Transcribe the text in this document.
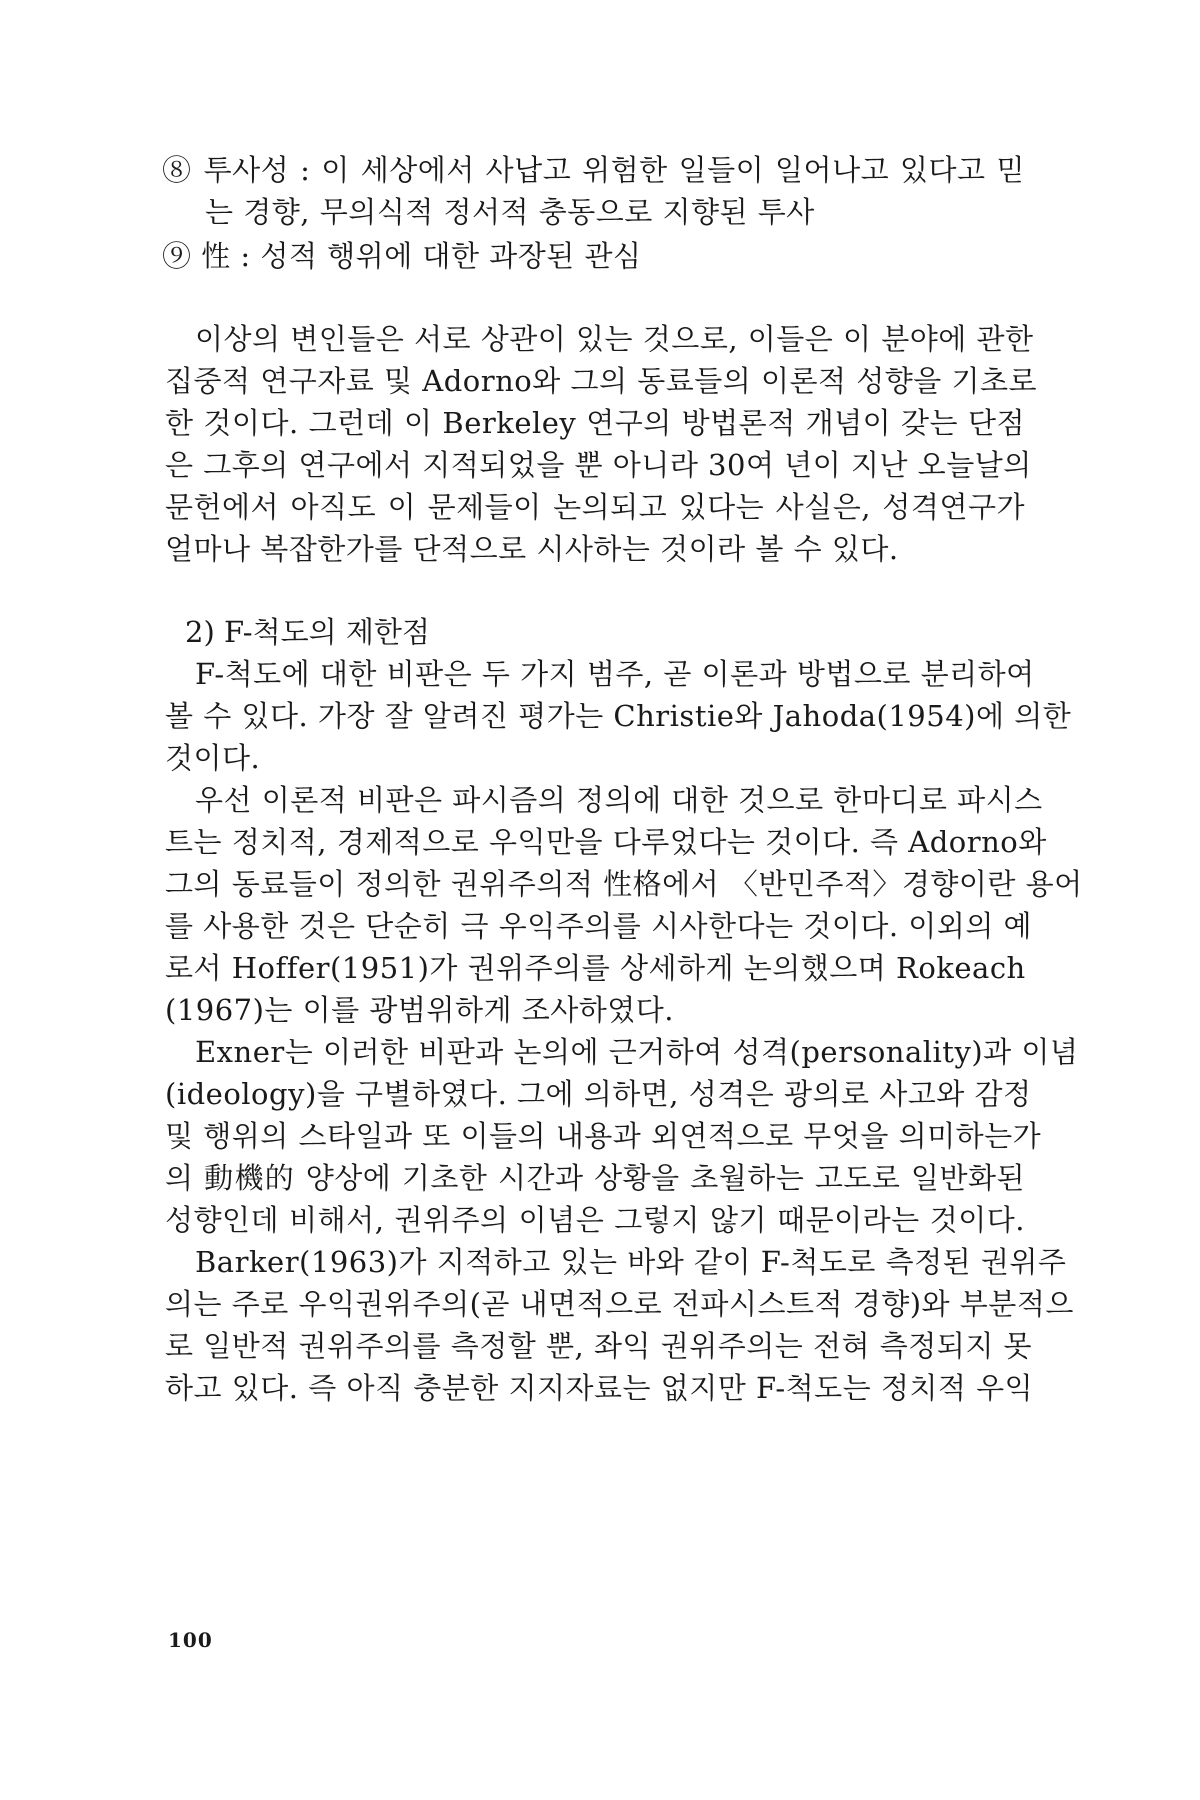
⑧ 투사성 : 이 세상에서 사납고 위험한 일들이 일어나고 있다고 믿
는 경향, 무의식적 정서적 충동으로 지향된 투사
⑨ 性 : 성적 행위에 대한 과장된 관심
이상의 변인들은 서로 상관이 있는 것으로, 이들은 이 분야에 관한
집중적 연구자료 및 Adorno와 그의 동료들의 이론적 성향을 기초로
한 것이다. 그런데 이 Berkeley 연구의 방법론적 개념이 갖는 단점
은 그후의 연구에서 지적되었을 뿐 아니라 30여 년이 지난 오늘날의
문헌에서 아직도 이 문제들이 논의되고 있다는 사실은, 성격연구가
얼마나 복잡한가를 단적으로 시사하는 것이라 볼 수 있다.
2) F-척도의 제한점
F-척도에 대한 비판은 두 가지 범주, 곧 이론과 방법으로 분리하여
볼 수 있다. 가장 잘 알려진 평가는 Christie와 Jahoda(1954)에 의한
것이다.
우선 이론적 비판은 파시즘의 정의에 대한 것으로 한마디로 파시스
트는 정치적, 경제적으로 우익만을 다루었다는 것이다. 즉 Adorno와
그의 동료들이 정의한 권위주의적 性格에서 〈반민주적〉경향이란 용어
를 사용한 것은 단순히 극 우익주의를 시사한다는 것이다. 이외의 예
로서 Hoffer(1951)가 권위주의를 상세하게 논의했으며 Rokeach
(1967)는 이를 광범위하게 조사하였다.
Exner는 이러한 비판과 논의에 근거하여 성격(personality)과 이념
(ideology)을 구별하였다. 그에 의하면, 성격은 광의로 사고와 감정
및 행위의 스타일과 또 이들의 내용과 외연적으로 무엇을 의미하는가
의 動機的 양상에 기초한 시간과 상황을 초월하는 고도로 일반화된
성향인데 비해서, 권위주의 이념은 그렇지 않기 때문이라는 것이다.
Barker(1963)가 지적하고 있는 바와 같이 F-척도로 측정된 권위주
의는 주로 우익권위주의(곧 내면적으로 전파시스트적 경향)와 부분적으
로 일반적 권위주의를 측정할 뿐, 좌익 권위주의는 전혀 측정되지 못
하고 있다. 즉 아직 충분한 지지자료는 없지만 F-척도는 정치적 우익
100
